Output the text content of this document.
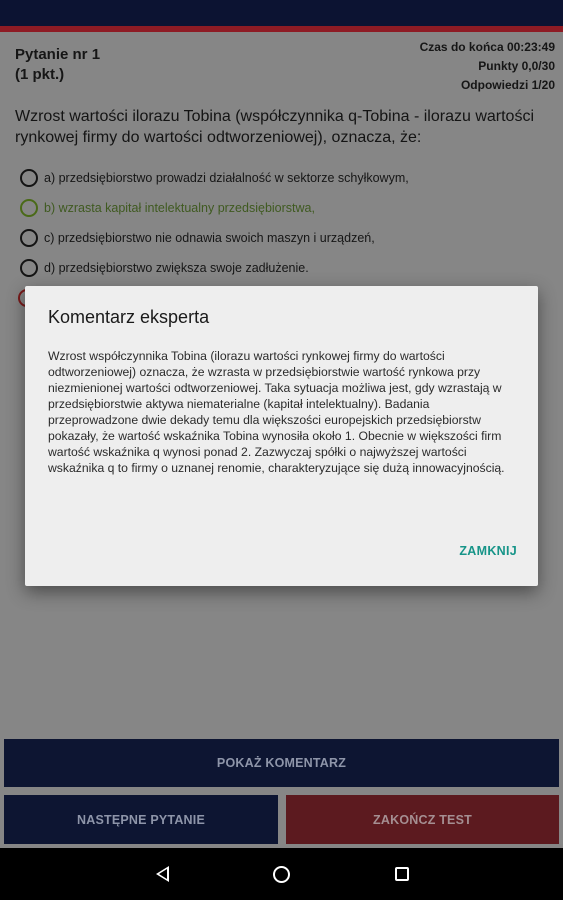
Pytanie nr 1
(1 pkt.)
Czas do końca 00:23:49
Punkty 0,0/30
Odpowiedzi 1/20
Wzrost wartości ilorazu Tobina (współczynnika q-Tobina - ilorazu wartości rynkowej firmy do wartości odtworzeniowej), oznacza, że:
a) przedsiębiorstwo prowadzi działalność w sektorze schyłkowym,
b) wzrasta kapitał intelektualny przedsiębiorstwa,
c) przedsiębiorstwo nie odnawia swoich maszyn i urządzeń,
d) przedsiębiorstwo zwiększa swoje zadłużenie.
POKAŻ KOMENTARZ
NASTĘPNE PYTANIE	ZAKOŃCZ TEST
Komentarz eksperta
Wzrost współczynnika Tobina (ilorazu wartości rynkowej firmy do wartości odtworzeniowej) oznacza, że wzrasta w przedsiębiorstwie wartość rynkowa przy niezmienionej wartości odtworzeniowej. Taka sytuacja możliwa jest, gdy wzrastają w przedsiębiorstwie aktywa niematerialne (kapitał intelektualny). Badania przeprowadzone dwie dekady temu dla większości europejskich przedsiębiorstw pokazały, że wartość wskaźnika Tobina wynosiła około 1. Obecnie w większości firm wartość wskaźnika q wynosi ponad 2. Zazwyczaj spółki o najwyższej wartości wskaźnika q to firmy o uznanej renomie, charakteryzujące się dużą innowacyjnością.
ZAMKNIJ
